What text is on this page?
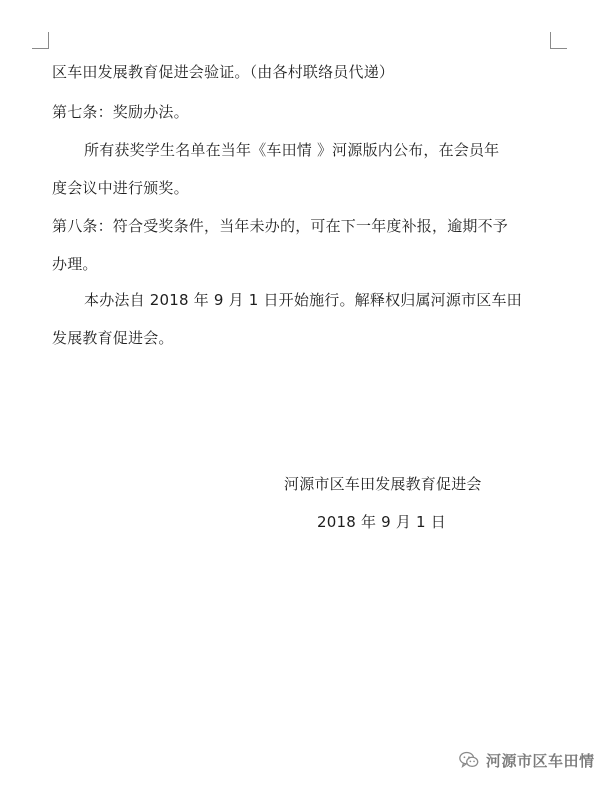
区车田发展教育促进会验证。（由各村联络员代递）
第七条：奖励办法。
所有获奖学生名单在当年《车田情 》河源版内公布，在会员年
度会议中进行颁奖。
第八条：符合受奖条件，当年未办的，可在下一年度补报，逾期不予
办理。
本办法自 2018 年 9 月 1 日开始施行。解释权归属河源市区车田
发展教育促进会。
河源市区车田发展教育促进会
2018 年 9 月 1 日
河源市区车田情
